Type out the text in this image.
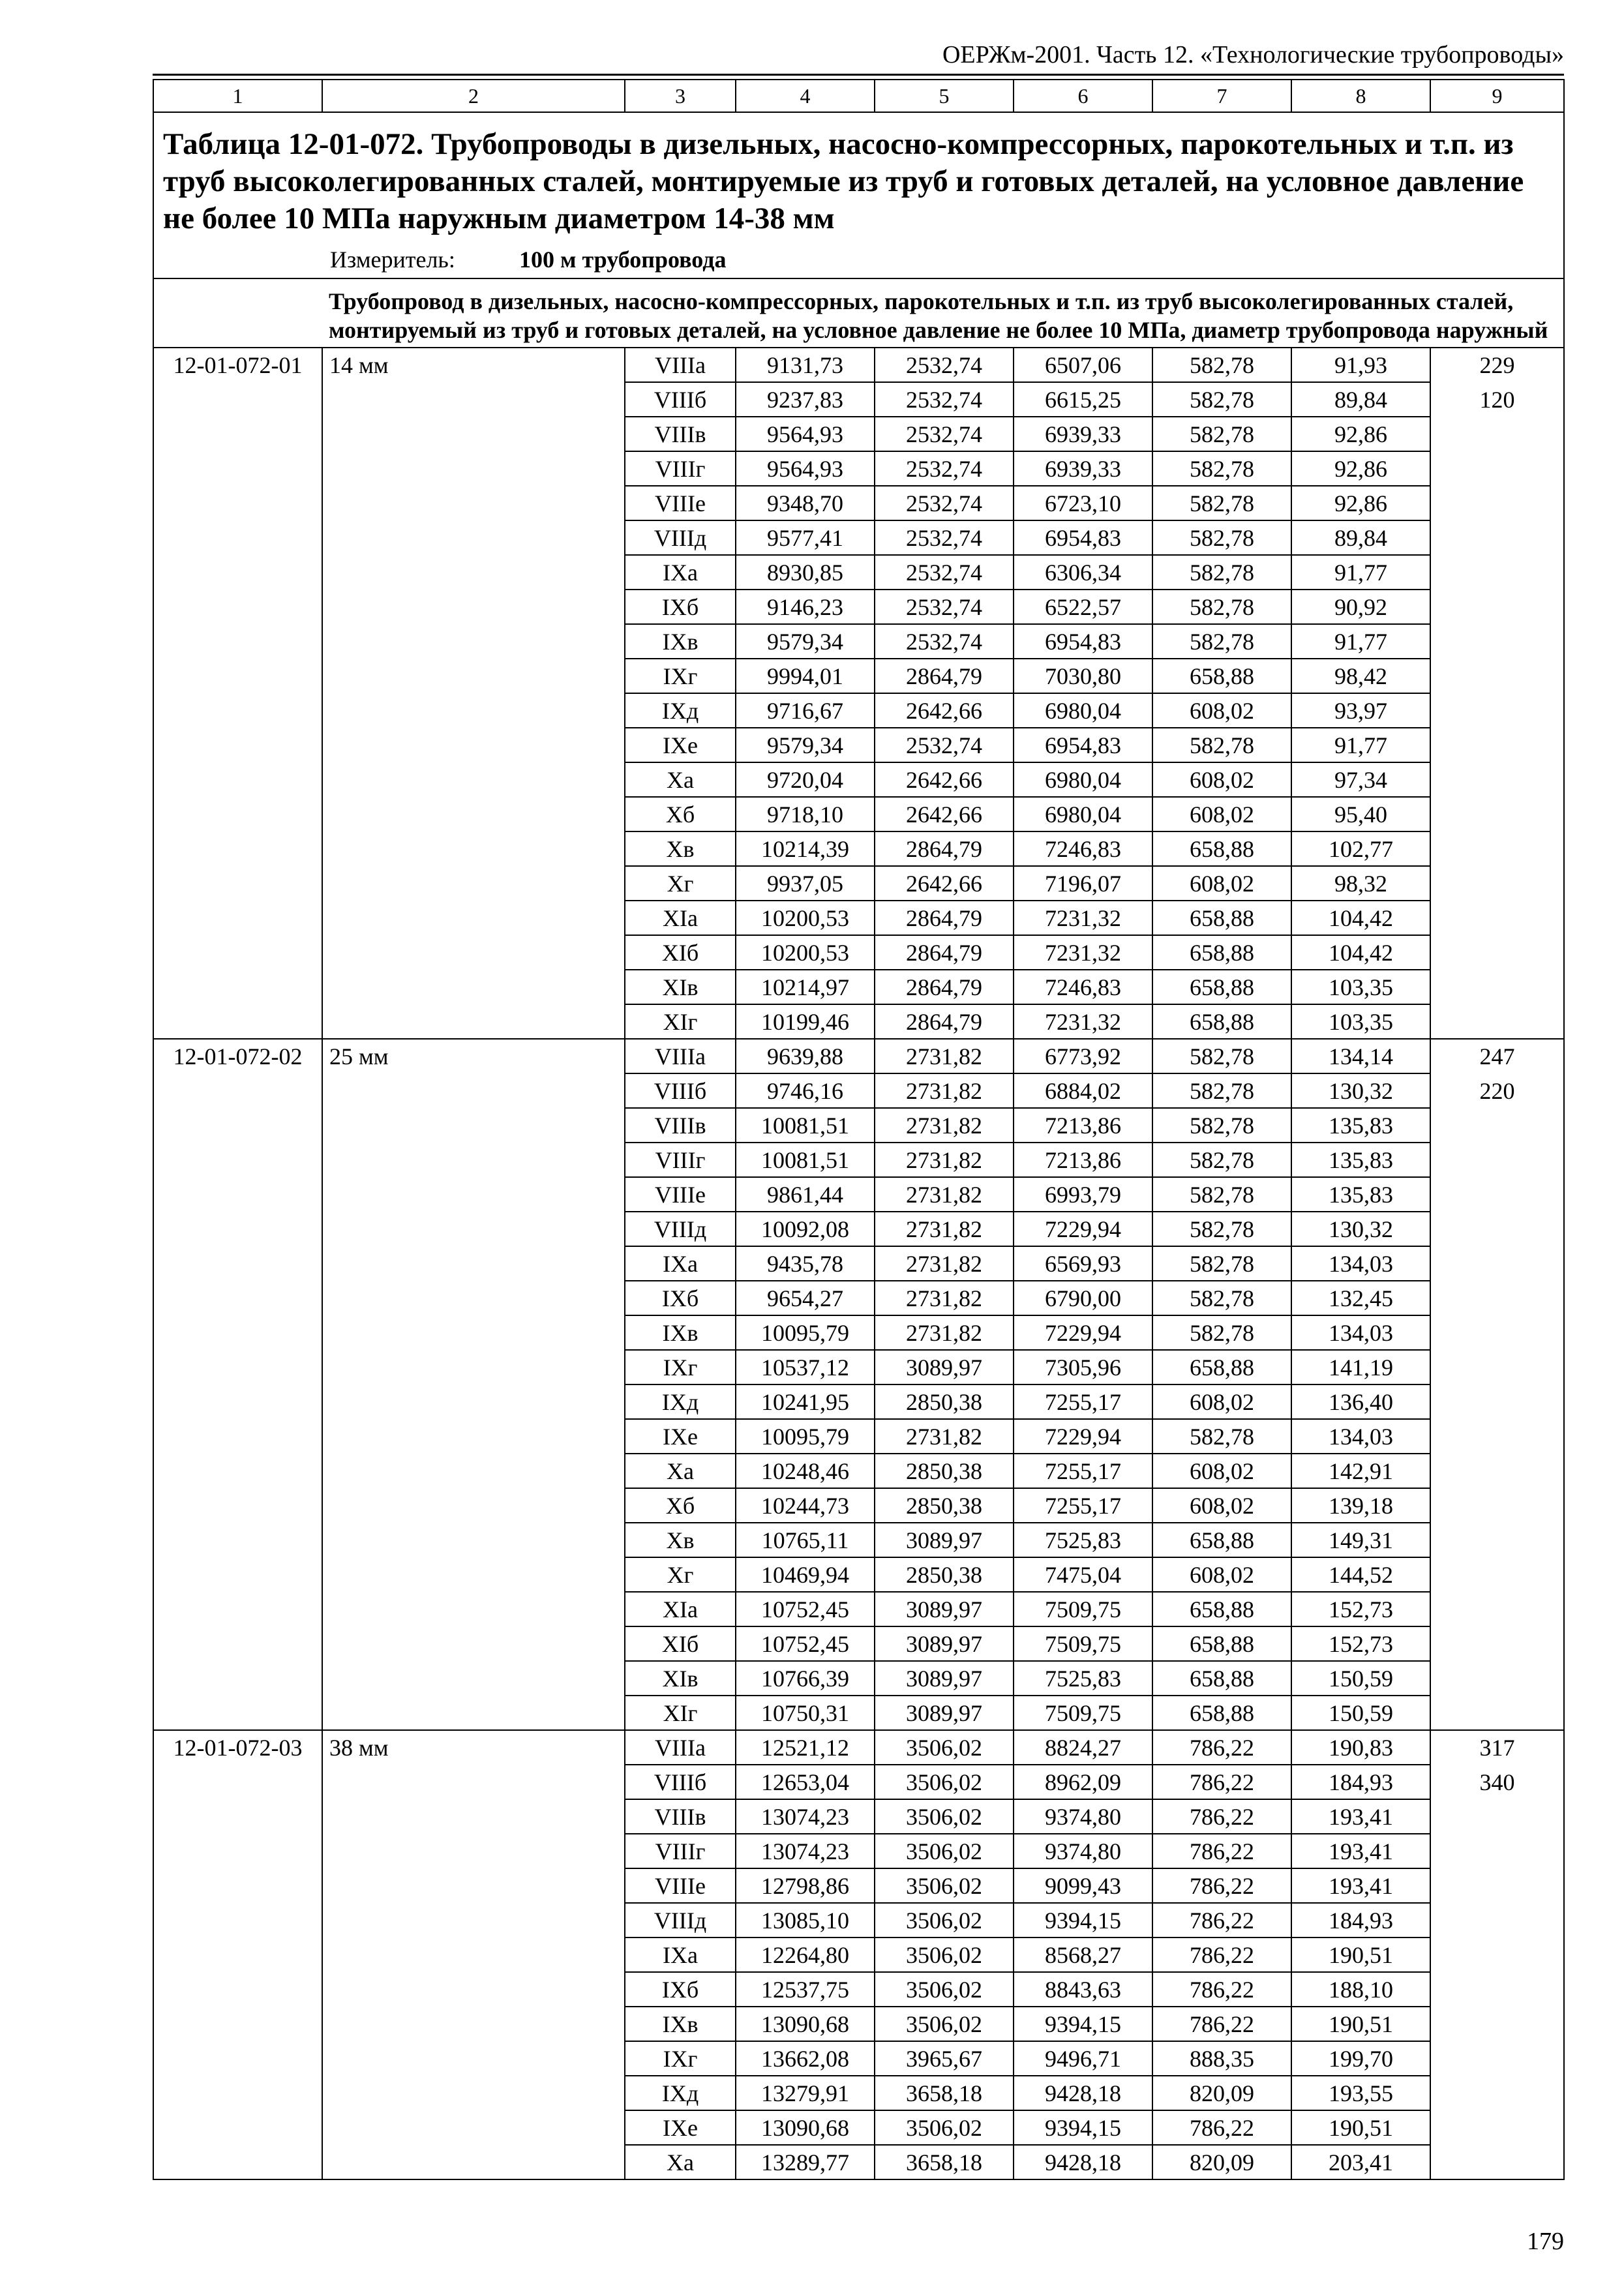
ОЕРЖм-2001. Часть 12. «Технологические трубопроводы»
1	2	3	4	5	6	7	8	9
Таблица 12-01-072. Трубопроводы в дизельных, насосно-компрессорных, парокотельных и т.п. из труб высоколегированных сталей, монтируемые из труб и готовых деталей, на условное давление не более 10 МПа наружным диаметром 14-38 мм								
Измеритель: 100 м трубопровода								
	Трубопровод в дизельных, насосно-компрессорных, парокотельных и т.п. из труб высоколегированных сталей, монтируемый из труб и готовых деталей, на условное давление не более 10 МПа, диаметр трубопровода наружный							
12-01-072-01	14 мм	VIIIа	9131,73	2532,74	6507,06	582,78	91,93	229
		VIIIб	9237,83	2532,74	6615,25	582,78	89,84	120
		VIIIв	9564,93	2532,74	6939,33	582,78	92,86	
		VIIIг	9564,93	2532,74	6939,33	582,78	92,86	
		VIIIе	9348,70	2532,74	6723,10	582,78	92,86	
		VIIIд	9577,41	2532,74	6954,83	582,78	89,84	
		IXа	8930,85	2532,74	6306,34	582,78	91,77	
		IXб	9146,23	2532,74	6522,57	582,78	90,92	
		IXв	9579,34	2532,74	6954,83	582,78	91,77	
		IXг	9994,01	2864,79	7030,80	658,88	98,42	
		IXд	9716,67	2642,66	6980,04	608,02	93,97	
		IXе	9579,34	2532,74	6954,83	582,78	91,77	
		Xа	9720,04	2642,66	6980,04	608,02	97,34	
		Xб	9718,10	2642,66	6980,04	608,02	95,40	
		Xв	10214,39	2864,79	7246,83	658,88	102,77	
		Xг	9937,05	2642,66	7196,07	608,02	98,32	
		XIа	10200,53	2864,79	7231,32	658,88	104,42	
		XIб	10200,53	2864,79	7231,32	658,88	104,42	
		XIв	10214,97	2864,79	7246,83	658,88	103,35	
		XIг	10199,46	2864,79	7231,32	658,88	103,35	
12-01-072-02	25 мм	VIIIа	9639,88	2731,82	6773,92	582,78	134,14	247
		VIIIб	9746,16	2731,82	6884,02	582,78	130,32	220
		VIIIв	10081,51	2731,82	7213,86	582,78	135,83	
		VIIIг	10081,51	2731,82	7213,86	582,78	135,83	
		VIIIе	9861,44	2731,82	6993,79	582,78	135,83	
		VIIIд	10092,08	2731,82	7229,94	582,78	130,32	
		IXа	9435,78	2731,82	6569,93	582,78	134,03	
		IXб	9654,27	2731,82	6790,00	582,78	132,45	
		IXв	10095,79	2731,82	7229,94	582,78	134,03	
		IXг	10537,12	3089,97	7305,96	658,88	141,19	
		IXд	10241,95	2850,38	7255,17	608,02	136,40	
		IXе	10095,79	2731,82	7229,94	582,78	134,03	
		Xа	10248,46	2850,38	7255,17	608,02	142,91	
		Xб	10244,73	2850,38	7255,17	608,02	139,18	
		Xв	10765,11	3089,97	7525,83	658,88	149,31	
		Xг	10469,94	2850,38	7475,04	608,02	144,52	
		XIа	10752,45	3089,97	7509,75	658,88	152,73	
		XIб	10752,45	3089,97	7509,75	658,88	152,73	
		XIв	10766,39	3089,97	7525,83	658,88	150,59	
		XIг	10750,31	3089,97	7509,75	658,88	150,59	
12-01-072-03	38 мм	VIIIа	12521,12	3506,02	8824,27	786,22	190,83	317
		VIIIб	12653,04	3506,02	8962,09	786,22	184,93	340
		VIIIв	13074,23	3506,02	9374,80	786,22	193,41	
		VIIIг	13074,23	3506,02	9374,80	786,22	193,41	
		VIIIе	12798,86	3506,02	9099,43	786,22	193,41	
		VIIIд	13085,10	3506,02	9394,15	786,22	184,93	
		IXа	12264,80	3506,02	8568,27	786,22	190,51	
		IXб	12537,75	3506,02	8843,63	786,22	188,10	
		IXв	13090,68	3506,02	9394,15	786,22	190,51	
		IXг	13662,08	3965,67	9496,71	888,35	199,70	
		IXд	13279,91	3658,18	9428,18	820,09	193,55	
		IXе	13090,68	3506,02	9394,15	786,22	190,51	
		Xа	13289,77	3658,18	9428,18	820,09	203,41	
179
